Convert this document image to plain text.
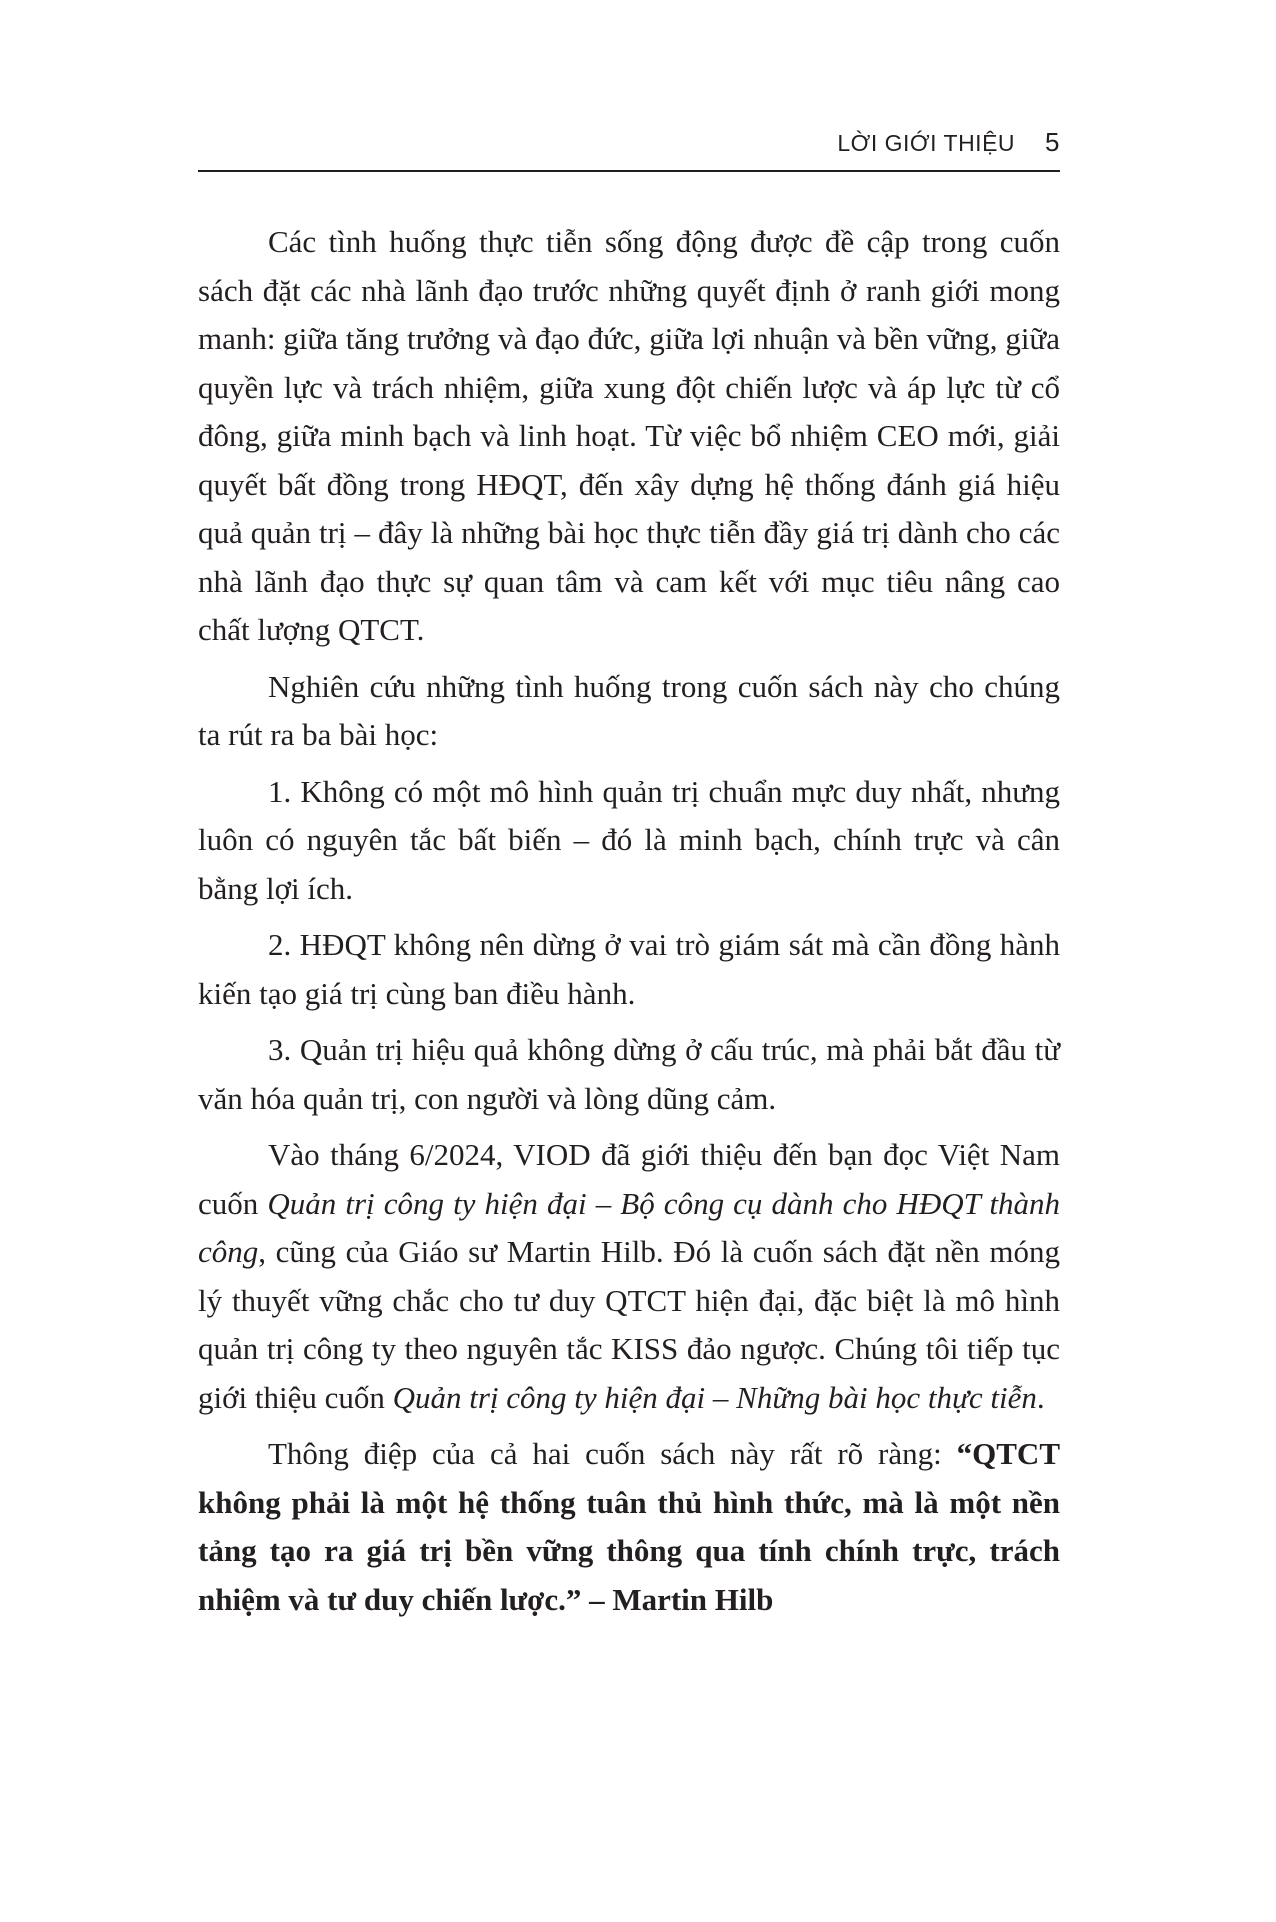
LỜI GIỚI THIỆU 5

Các tình huống thực tiễn sống động được đề cập trong cuốn sách đặt các nhà lãnh đạo trước những quyết định ở ranh giới mong manh: giữa tăng trưởng và đạo đức, giữa lợi nhuận và bền vững, giữa quyền lực và trách nhiệm, giữa xung đột chiến lược và áp lực từ cổ đông, giữa minh bạch và linh hoạt. Từ việc bổ nhiệm CEO mới, giải quyết bất đồng trong HĐQT, đến xây dựng hệ thống đánh giá hiệu quả quản trị – đây là những bài học thực tiễn đầy giá trị dành cho các nhà lãnh đạo thực sự quan tâm và cam kết với mục tiêu nâng cao chất lượng QTCT.

Nghiên cứu những tình huống trong cuốn sách này cho chúng ta rút ra ba bài học:

1. Không có một mô hình quản trị chuẩn mực duy nhất, nhưng luôn có nguyên tắc bất biến – đó là minh bạch, chính trực và cân bằng lợi ích.

2. HĐQT không nên dừng ở vai trò giám sát mà cần đồng hành kiến tạo giá trị cùng ban điều hành.

3. Quản trị hiệu quả không dừng ở cấu trúc, mà phải bắt đầu từ văn hóa quản trị, con người và lòng dũng cảm.

Vào tháng 6/2024, VIOD đã giới thiệu đến bạn đọc Việt Nam cuốn Quản trị công ty hiện đại – Bộ công cụ dành cho HĐQT thành công, cũng của Giáo sư Martin Hilb. Đó là cuốn sách đặt nền móng lý thuyết vững chắc cho tư duy QTCT hiện đại, đặc biệt là mô hình quản trị công ty theo nguyên tắc KISS đảo ngược. Chúng tôi tiếp tục giới thiệu cuốn Quản trị công ty hiện đại – Những bài học thực tiễn.

Thông điệp của cả hai cuốn sách này rất rõ ràng: “QTCT không phải là một hệ thống tuân thủ hình thức, mà là một nền tảng tạo ra giá trị bền vững thông qua tính chính trực, trách nhiệm và tư duy chiến lược.” – Martin Hilb
